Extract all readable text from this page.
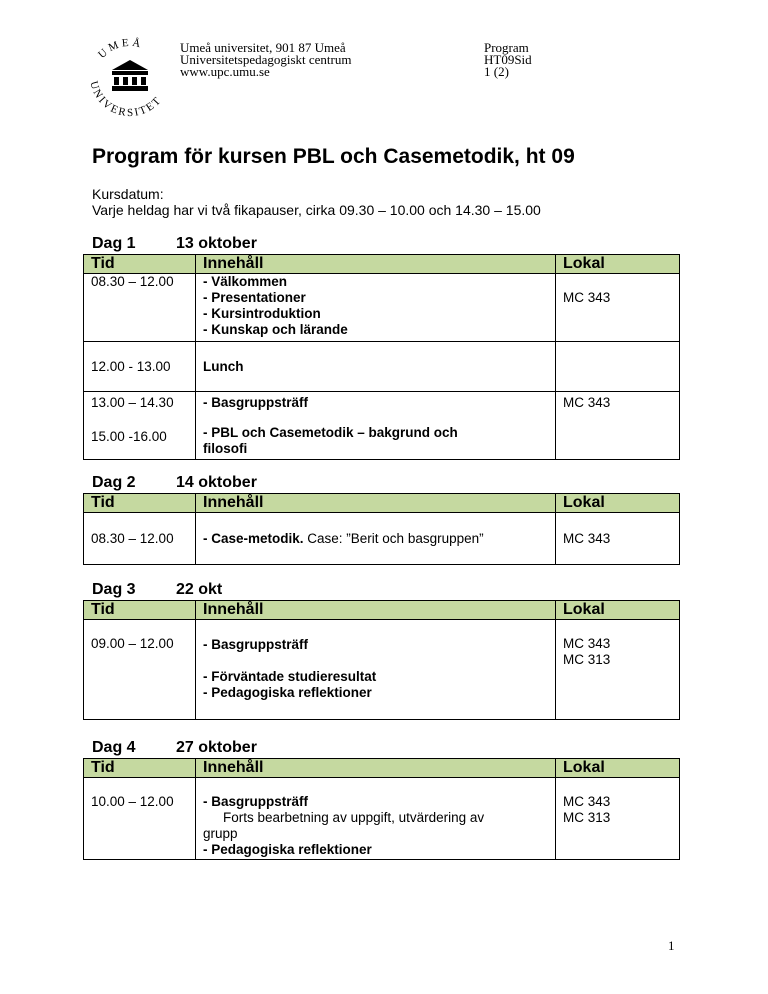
UMEÅ
UNIVERSITET
Umeå universitet, 901 87 Umeå
Universitetspedagogiskt centrum
www.upc.umu.se
Program
HT09Sid
1 (2)
Program för kursen PBL och Casemetodik, ht 09
Kursdatum:
Varje heldag har vi två fikapauser, cirka 09.30 – 10.00 och 14.30 – 15.00
Dag 1	13 oktober
Tid	Innehåll	Lokal
08.30 – 12.00	- Välkommen
- Presentationer
- Kursintroduktion
- Kunskap och lärande	MC 343

12.00 - 13.00	Lunch	

13.00 – 14.30
15.00 -16.00	- Basgruppsträff
- PBL och Casemetodik – bakgrund och
filosofi	MC 343
Dag 2	14 oktober
Tid	Innehåll	Lokal
08.30 – 12.00	- Case-metodik. Case: ”Berit och basgruppen”	MC 343
Dag 3	22 okt
Tid	Innehåll	Lokal

09.00 – 12.00	- Basgruppsträff
- Förväntade studieresultat
- Pedagogiska reflektioner	MC 343
MC 313
Dag 4	27 oktober
Tid	Innehåll	Lokal

10.00 – 12.00	- Basgruppsträff
Forts bearbetning av uppgift, utvärdering av
grupp
- Pedagogiska reflektioner	MC 343
MC 313
1
